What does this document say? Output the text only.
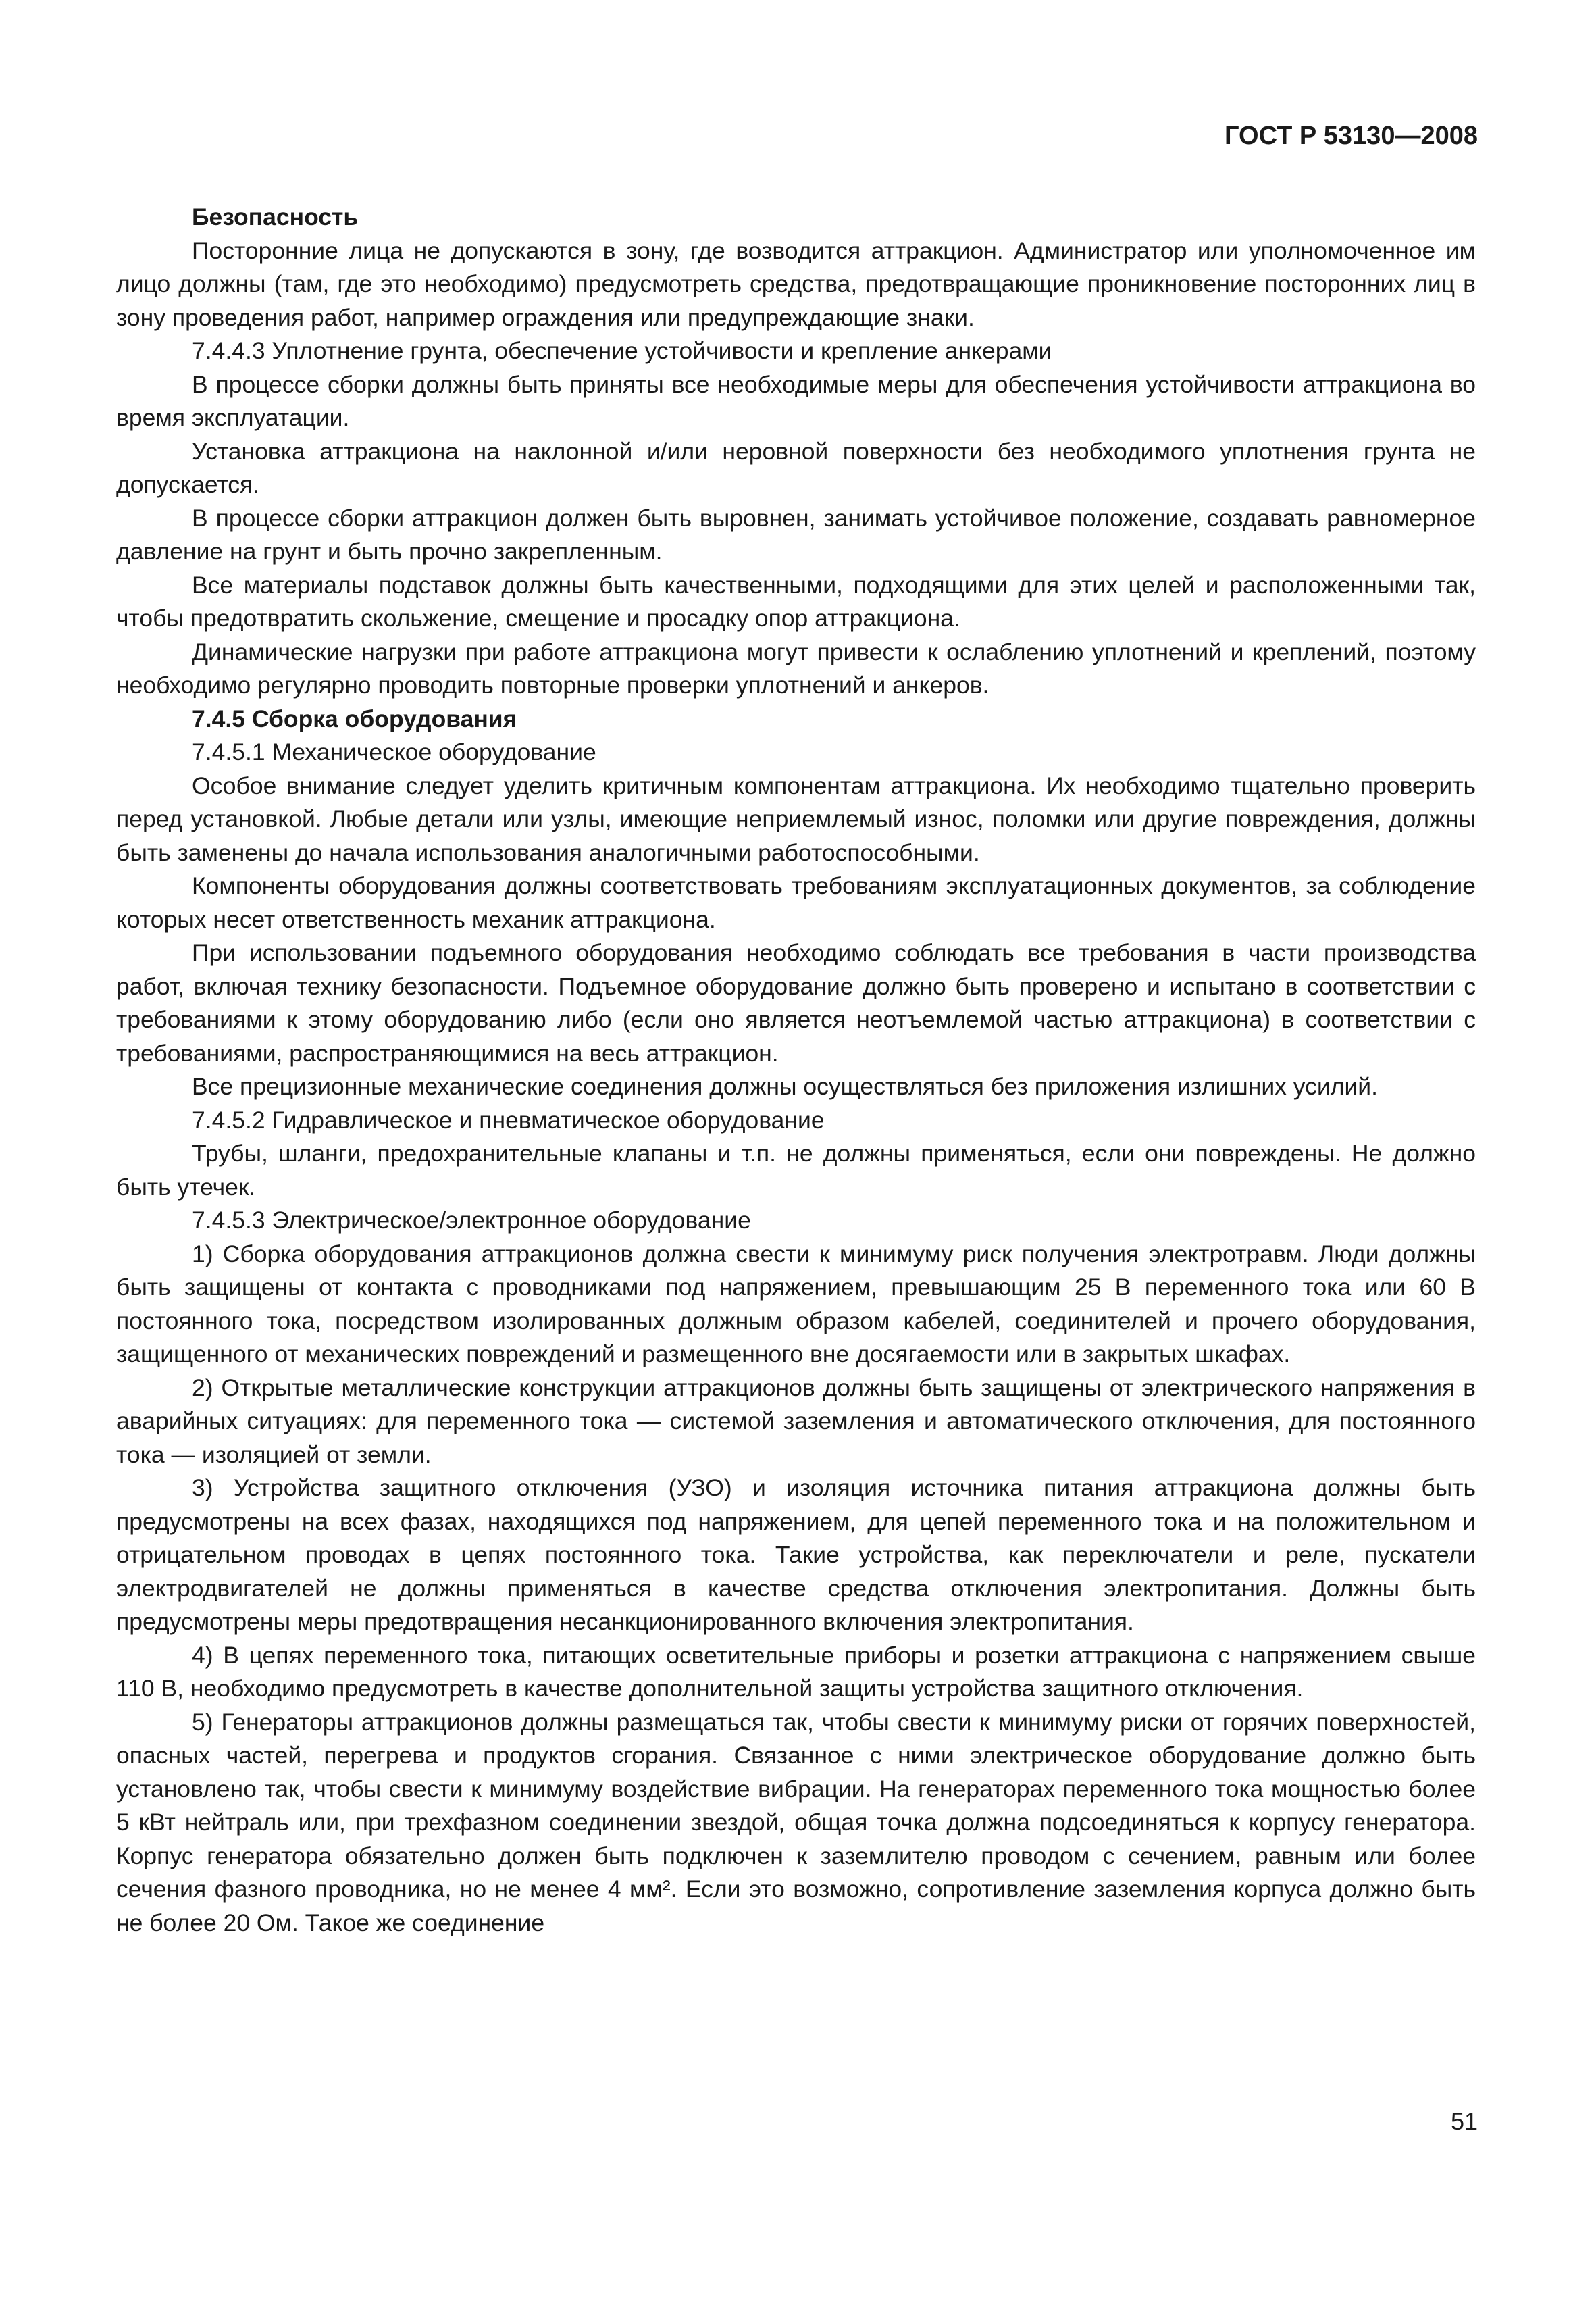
ГОСТ Р 53130—2008

Безопасность

Посторонние лица не допускаются в зону, где возводится аттракцион. Администратор или уполномоченное им лицо должны (там, где это необходимо) предусмотреть средства, предотвращающие проникновение посторонних лиц в зону проведения работ, например ограждения или предупреждающие знаки.

7.4.4.3 Уплотнение грунта, обеспечение устойчивости и крепление анкерами

В процессе сборки должны быть приняты все необходимые меры для обеспечения устойчивости аттракциона во время эксплуатации.

Установка аттракциона на наклонной и/или неровной поверхности без необходимого уплотнения грунта не допускается.

В процессе сборки аттракцион должен быть выровнен, занимать устойчивое положение, создавать равномерное давление на грунт и быть прочно закрепленным.

Все материалы подставок должны быть качественными, подходящими для этих целей и расположенными так, чтобы предотвратить скольжение, смещение и просадку опор аттракциона.

Динамические нагрузки при работе аттракциона могут привести к ослаблению уплотнений и креплений, поэтому необходимо регулярно проводить повторные проверки уплотнений и анкеров.

7.4.5 Сборка оборудования

7.4.5.1 Механическое оборудование

Особое внимание следует уделить критичным компонентам аттракциона. Их необходимо тщательно проверить перед установкой. Любые детали или узлы, имеющие неприемлемый износ, поломки или другие повреждения, должны быть заменены до начала использования аналогичными работоспособными.

Компоненты оборудования должны соответствовать требованиям эксплуатационных документов, за соблюдение которых несет ответственность механик аттракциона.

При использовании подъемного оборудования необходимо соблюдать все требования в части производства работ, включая технику безопасности. Подъемное оборудование должно быть проверено и испытано в соответствии с требованиями к этому оборудованию либо (если оно является неотъемлемой частью аттракциона) в соответствии с требованиями, распространяющимися на весь аттракцион.

Все прецизионные механические соединения должны осуществляться без приложения излишних усилий.

7.4.5.2 Гидравлическое и пневматическое оборудование

Трубы, шланги, предохранительные клапаны и т.п. не должны применяться, если они повреждены. Не должно быть утечек.

7.4.5.3 Электрическое/электронное оборудование

1) Сборка оборудования аттракционов должна свести к минимуму риск получения электротравм. Люди должны быть защищены от контакта с проводниками под напряжением, превышающим 25 В переменного тока или 60 В постоянного тока, посредством изолированных должным образом кабелей, соединителей и прочего оборудования, защищенного от механических повреждений и размещенного вне досягаемости или в закрытых шкафах.

2) Открытые металлические конструкции аттракционов должны быть защищены от электрического напряжения в аварийных ситуациях: для переменного тока — системой заземления и автоматического отключения, для постоянного тока — изоляцией от земли.

3) Устройства защитного отключения (УЗО) и изоляция источника питания аттракциона должны быть предусмотрены на всех фазах, находящихся под напряжением, для цепей переменного тока и на положительном и отрицательном проводах в цепях постоянного тока. Такие устройства, как переключатели и реле, пускатели электродвигателей не должны применяться в качестве средства отключения электропитания. Должны быть предусмотрены меры предотвращения несанкционированного включения электропитания.

4) В цепях переменного тока, питающих осветительные приборы и розетки аттракциона с напряжением свыше 110 В, необходимо предусмотреть в качестве дополнительной защиты устройства защитного отключения.

5) Генераторы аттракционов должны размещаться так, чтобы свести к минимуму риски от горячих поверхностей, опасных частей, перегрева и продуктов сгорания. Связанное с ними электрическое оборудование должно быть установлено так, чтобы свести к минимуму воздействие вибрации. На генераторах переменного тока мощностью более 5 кВт нейтраль или, при трехфазном соединении звездой, общая точка должна подсоединяться к корпусу генератора. Корпус генератора обязательно должен быть подключен к заземлителю проводом с сечением, равным или более сечения фазного проводника, но не менее 4 мм². Если это возможно, сопротивление заземления корпуса должно быть не более 20 Ом. Такое же соединение

51
